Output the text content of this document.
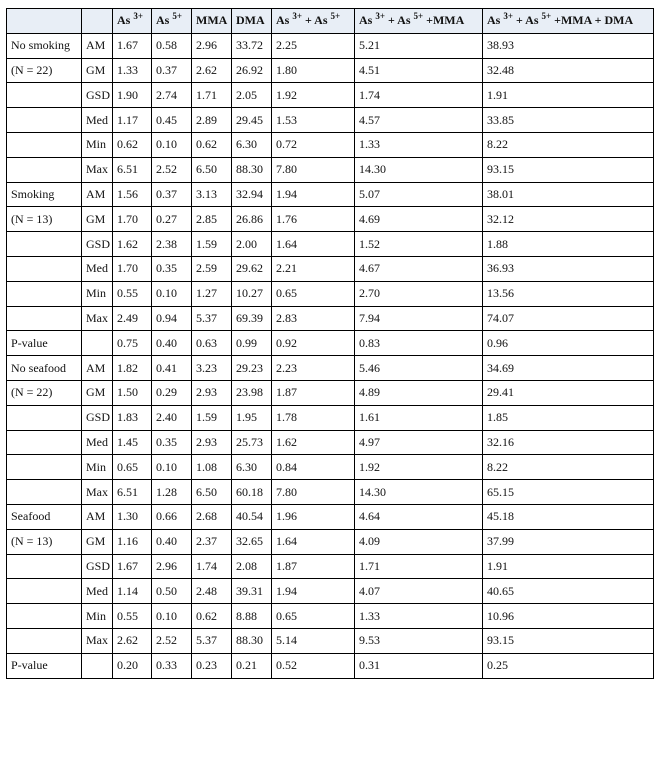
		As $^{3+}$	As $^{5+}$	MMA	DMA	As $^{3+}$ + As $^{5+}$	As $^{3+}$ + As $^{5+}$ +MMA	As $^{3+}$ + As $^{5+}$ +MMA + DMA
No smoking	AM	1.67	0.58	2.96	33.72	2.25	5.21	38.93
(N = 22)	GM	1.33	0.37	2.62	26.92	1.80	4.51	32.48
	GSD	1.90	2.74	1.71	2.05	1.92	1.74	1.91
	Med	1.17	0.45	2.89	29.45	1.53	4.57	33.85
	Min	0.62	0.10	0.62	6.30	0.72	1.33	8.22
	Max	6.51	2.52	6.50	88.30	7.80	14.30	93.15
Smoking	AM	1.56	0.37	3.13	32.94	1.94	5.07	38.01
(N = 13)	GM	1.70	0.27	2.85	26.86	1.76	4.69	32.12
	GSD	1.62	2.38	1.59	2.00	1.64	1.52	1.88
	Med	1.70	0.35	2.59	29.62	2.21	4.67	36.93
	Min	0.55	0.10	1.27	10.27	0.65	2.70	13.56
	Max	2.49	0.94	5.37	69.39	2.83	7.94	74.07
P-value		0.75	0.40	0.63	0.99	0.92	0.83	0.96
No seafood	AM	1.82	0.41	3.23	29.23	2.23	5.46	34.69
(N = 22)	GM	1.50	0.29	2.93	23.98	1.87	4.89	29.41
	GSD	1.83	2.40	1.59	1.95	1.78	1.61	1.85
	Med	1.45	0.35	2.93	25.73	1.62	4.97	32.16
	Min	0.65	0.10	1.08	6.30	0.84	1.92	8.22
	Max	6.51	1.28	6.50	60.18	7.80	14.30	65.15
Seafood	AM	1.30	0.66	2.68	40.54	1.96	4.64	45.18
(N = 13)	GM	1.16	0.40	2.37	32.65	1.64	4.09	37.99
	GSD	1.67	2.96	1.74	2.08	1.87	1.71	1.91
	Med	1.14	0.50	2.48	39.31	1.94	4.07	40.65
	Min	0.55	0.10	0.62	8.88	0.65	1.33	10.96
	Max	2.62	2.52	5.37	88.30	5.14	9.53	93.15
P-value		0.20	0.33	0.23	0.21	0.52	0.31	0.25
